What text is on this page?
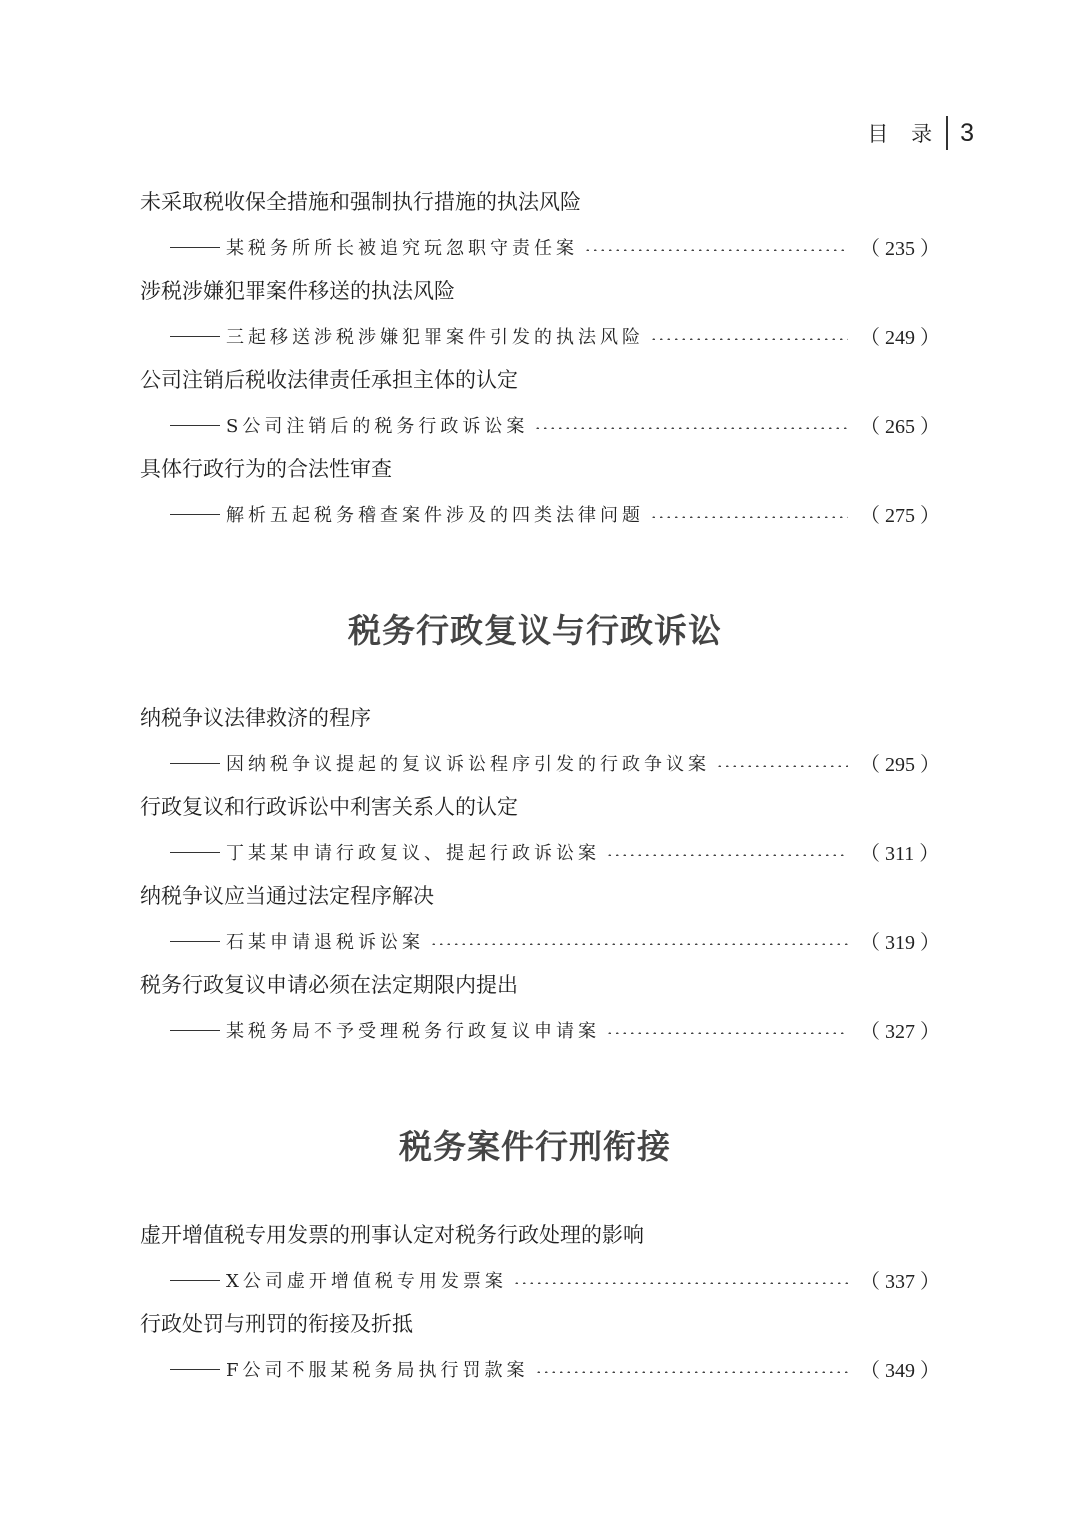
目 录 3
未采取税收保全措施和强制执行措施的执法风险
某税务所所长被追究玩忽职守责任案	（ 235 ）
涉税涉嫌犯罪案件移送的执法风险
三起移送涉税涉嫌犯罪案件引发的执法风险	（ 249 ）
公司注销后税收法律责任承担主体的认定
S公司注销后的税务行政诉讼案	（ 265 ）
具体行政行为的合法性审查
解析五起税务稽查案件涉及的四类法律问题	（ 275 ）
税务行政复议与行政诉讼
纳税争议法律救济的程序
因纳税争议提起的复议诉讼程序引发的行政争议案	（ 295 ）
行政复议和行政诉讼中利害关系人的认定
丁某某申请行政复议、提起行政诉讼案	（ 311 ）
纳税争议应当通过法定程序解决
石某申请退税诉讼案	（ 319 ）
税务行政复议申请必须在法定期限内提出
某税务局不予受理税务行政复议申请案	（ 327 ）
税务案件行刑衔接
虚开增值税专用发票的刑事认定对税务行政处理的影响
X公司虚开增值税专用发票案	（ 337 ）
行政处罚与刑罚的衔接及折抵
F公司不服某税务局执行罚款案	（ 349 ）
